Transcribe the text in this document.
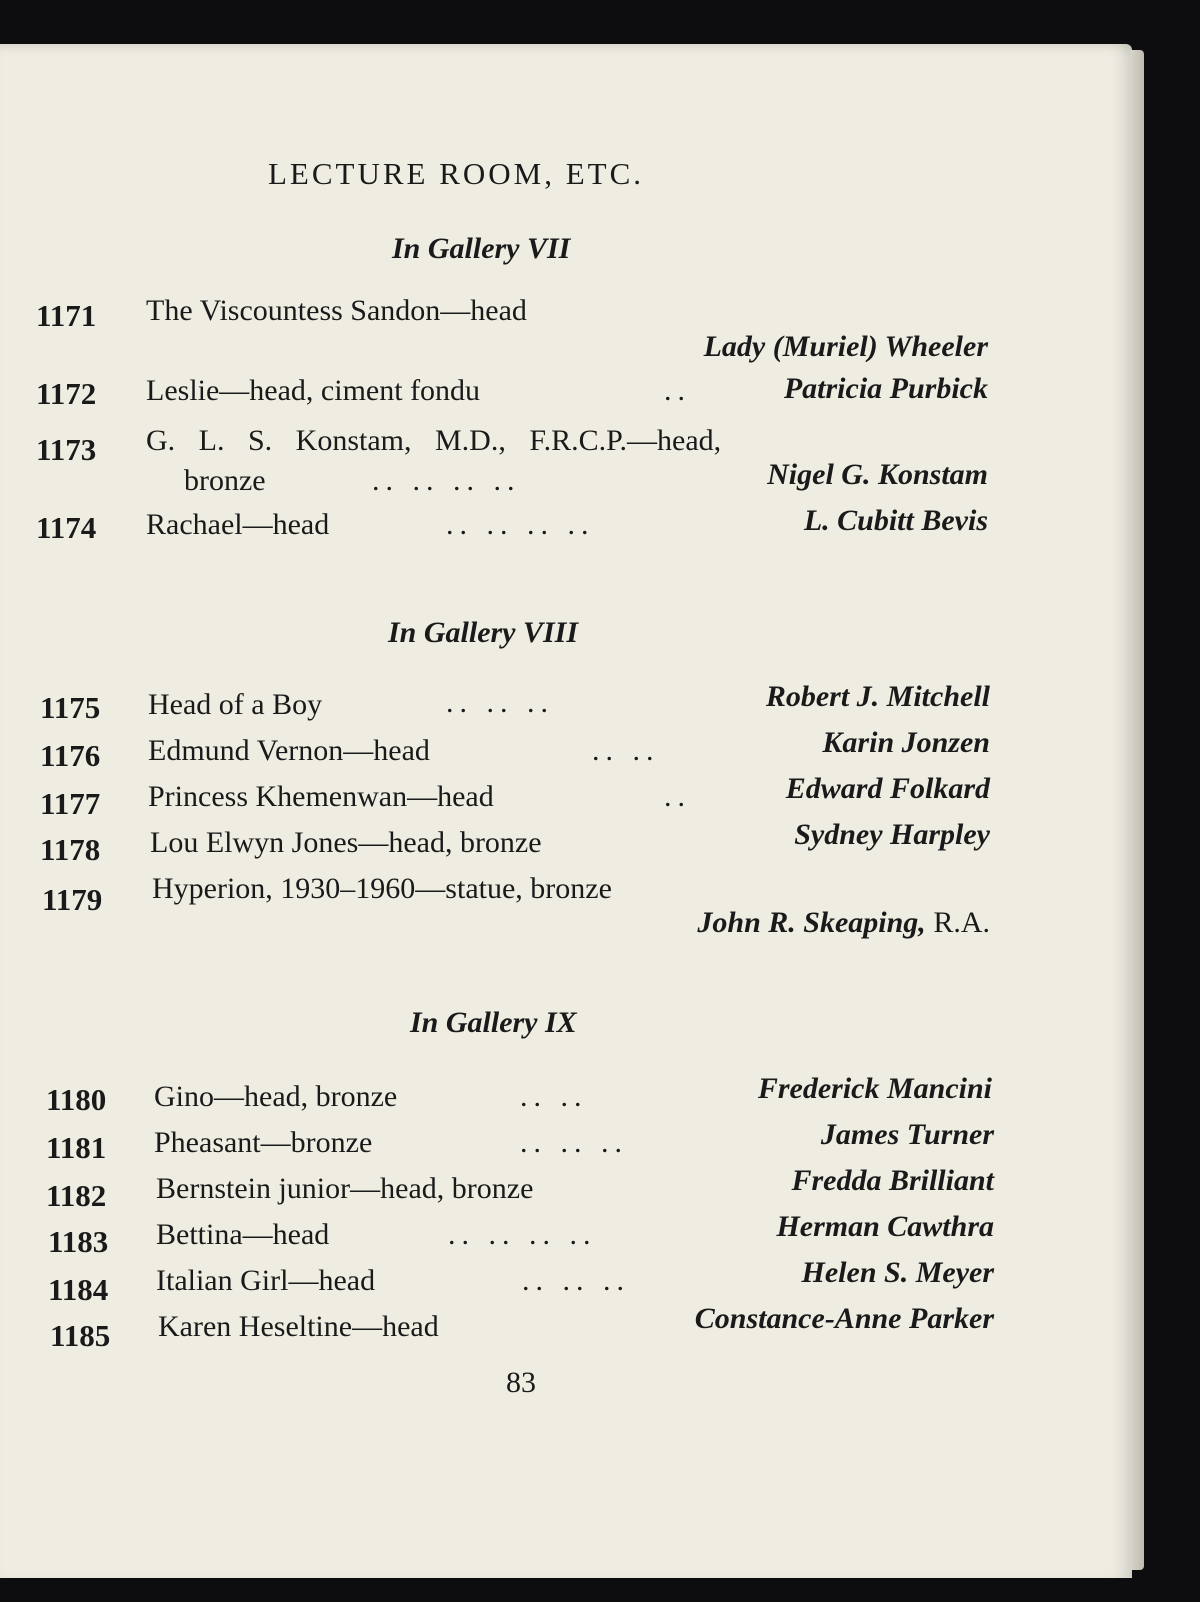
LECTURE ROOM, ETC.
In Gallery VII
1171 The Viscountess Sandon—head
Lady (Muriel) Wheeler
1172 Leslie—head, ciment fondu	..	Patricia Purbick
1173 G. L. S. Konstam, M.D., F.R.C.P.—head,
bronze	.. .. .. ..	Nigel G. Konstam
1174 Rachael—head	.. .. .. ..	L. Cubitt Bevis
In Gallery VIII
1175 Head of a Boy	.. .. ..	Robert J. Mitchell
1176 Edmund Vernon—head	.. ..	Karin Jonzen
1177 Princess Khemenwan—head	..	Edward Folkard
1178 Lou Elwyn Jones—head, bronze	Sydney Harpley
1179 Hyperion, 1930–1960—statue, bronze
John R. Skeaping, R.A.
In Gallery IX
1180 Gino—head, bronze	.. ..	Frederick Mancini
1181 Pheasant—bronze	.. .. ..	James Turner
1182 Bernstein junior—head, bronze	Fredda Brilliant
1183 Bettina—head	.. .. .. ..	Herman Cawthra
1184 Italian Girl—head	.. .. ..	Helen S. Meyer
1185 Karen Heseltine—head	Constance-Anne Parker
83
